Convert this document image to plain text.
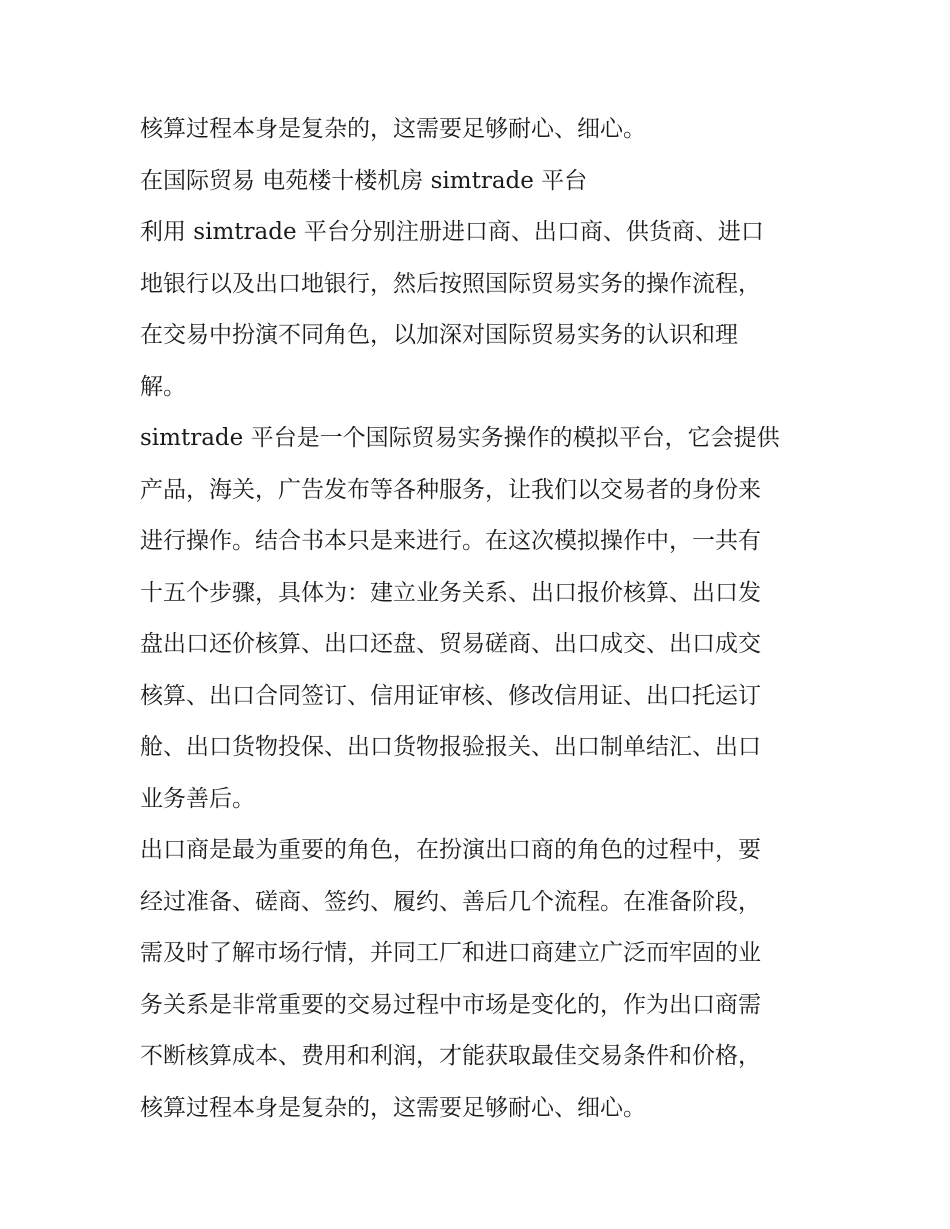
核算过程本身是复杂的，这需要足够耐心、细心。
在国际贸易 电苑楼十楼机房 simtrade 平台
利用 simtrade 平台分别注册进口商、出口商、供货商、进口
地银行以及出口地银行，然后按照国际贸易实务的操作流程，
在交易中扮演不同角色，以加深对国际贸易实务的认识和理
解。
simtrade 平台是一个国际贸易实务操作的模拟平台，它会提供
产品，海关，广告发布等各种服务，让我们以交易者的身份来
进行操作。结合书本只是来进行。在这次模拟操作中，一共有
十五个步骤，具体为：建立业务关系、出口报价核算、出口发
盘出口还价核算、出口还盘、贸易磋商、出口成交、出口成交
核算、出口合同签订、信用证审核、修改信用证、出口托运订
舱、出口货物投保、出口货物报验报关、出口制单结汇、出口
业务善后。
出口商是最为重要的角色，在扮演出口商的角色的过程中，要
经过准备、磋商、签约、履约、善后几个流程。在准备阶段，
需及时了解市场行情，并同工厂和进口商建立广泛而牢固的业
务关系是非常重要的交易过程中市场是变化的，作为出口商需
不断核算成本、费用和利润，才能获取最佳交易条件和价格，
核算过程本身是复杂的，这需要足够耐心、细心。
